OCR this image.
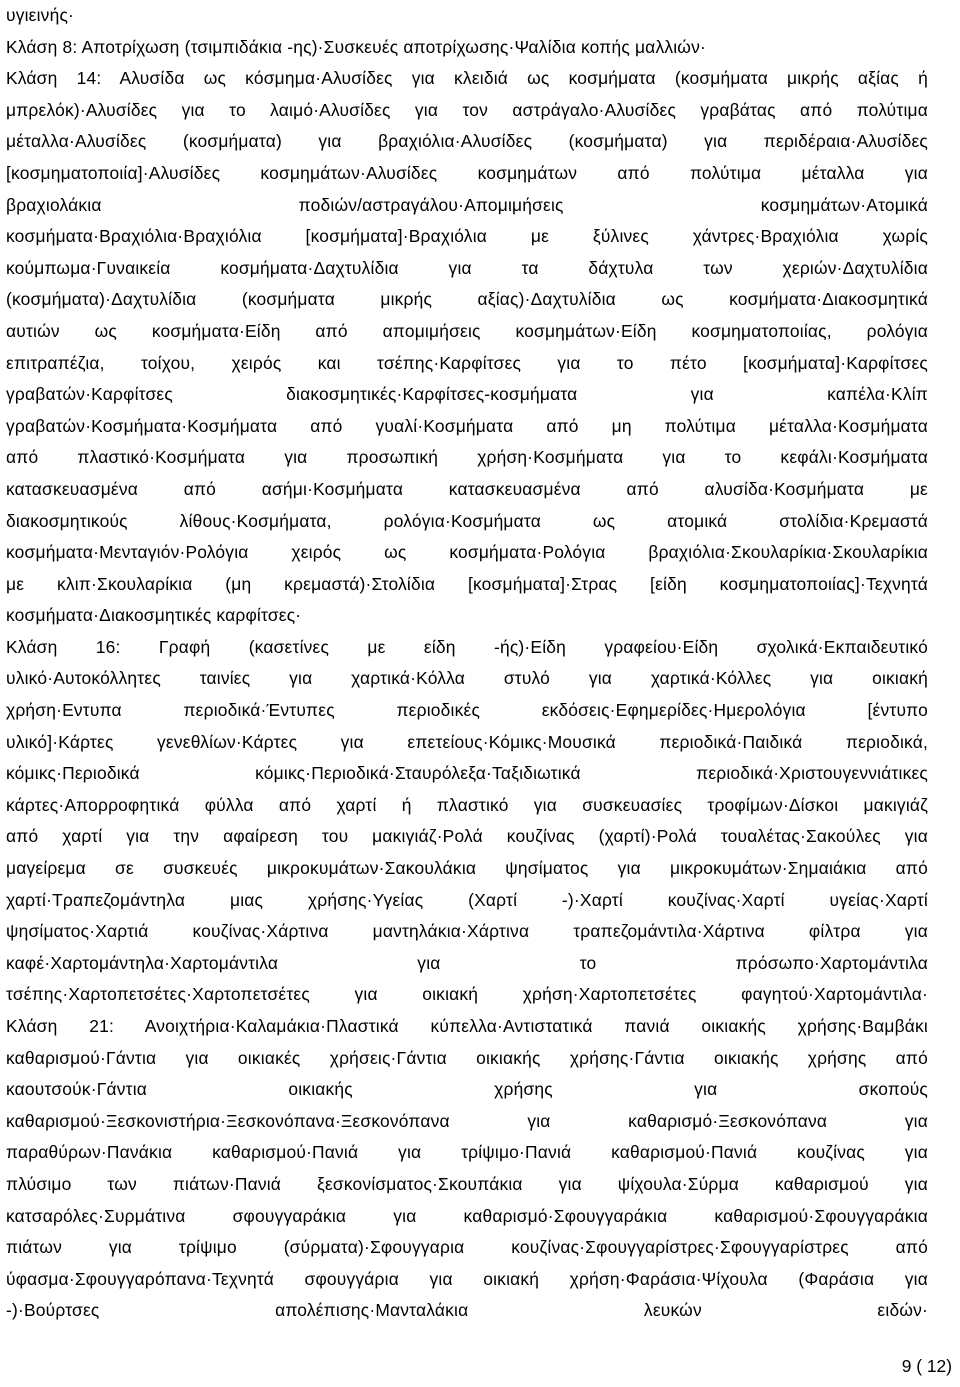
υγιεινής·
Κλάση 8: Αποτρίχωση (τσιμπιδάκια -ης)·Συσκευές αποτρίχωσης·Ψαλίδια κοπής μαλλιών·
Κλάση 14: Αλυσίδα ως κόσμημα·Αλυσίδες για κλειδιά ως κοσμήματα (κοσμήματα μικρής αξίας ή
μπρελόκ)·Αλυσίδες για το λαιμό·Αλυσίδες για τον αστράγαλο·Αλυσίδες γραβάτας από πολύτιμα
μέταλλα·Αλυσίδες (κοσμήματα) για βραχιόλια·Αλυσίδες (κοσμήματα) για περιδέραια·Αλυσίδες
[κοσμηματοποιία]·Αλυσίδες κοσμημάτων·Αλυσίδες κοσμημάτων από πολύτιμα μέταλλα για
βραχιολάκια ποδιών/αστραγάλου·Απομιμήσεις κοσμημάτων·Ατομικά
κοσμήματα·Βραχιόλια·Βραχιόλια [κοσμήματα]·Βραχιόλια με ξύλινες χάντρες·Βραχιόλια χωρίς
κούμπωμα·Γυναικεία κοσμήματα·Δαχτυλίδια για τα δάχτυλα των χεριών·Δαχτυλίδια
(κοσμήματα)·Δαχτυλίδια (κοσμήματα μικρής αξίας)·Δαχτυλίδια ως κοσμήματα·Διακοσμητικά
αυτιών ως κοσμήματα·Είδη από απομιμήσεις κοσμημάτων·Είδη κοσμηματοποιίας, ρολόγια
επιτραπέζια, τοίχου, χειρός και τσέπης·Καρφίτσες για το πέτο [κοσμήματα]·Καρφίτσες
γραβατών·Καρφίτσες διακοσμητικές·Καρφίτσες-κοσμήματα για καπέλα·Κλίπ
γραβατών·Κοσμήματα·Κοσμήματα από γυαλί·Κοσμήματα από μη πολύτιμα μέταλλα·Κοσμήματα
από πλαστικό·Κοσμήματα για προσωπική χρήση·Κοσμήματα για το κεφάλι·Κοσμήματα
κατασκευασμένα από ασήμι·Κοσμήματα κατασκευασμένα από αλυσίδα·Κοσμήματα με
διακοσμητικούς λίθους·Κοσμήματα, ρολόγια·Κοσμήματα ως ατομικά στολίδια·Κρεμαστά
κοσμήματα·Μενταγιόν·Ρολόγια χειρός ως κοσμήματα·Ρολόγια βραχιόλια·Σκουλαρίκια·Σκουλαρίκια
με κλιπ·Σκουλαρίκια (μη κρεμαστά)·Στολίδια [κοσμήματα]·Στρας [είδη κοσμηματοποιίας]·Τεχνητά
κοσμήματα·Διακοσμητικές καρφίτσες·
Κλάση 16: Γραφή (κασετίνες με είδη -ής)·Είδη γραφείου·Είδη σχολικά·Εκπαιδευτικό
υλικό·Αυτοκόλλητες ταινίες για χαρτικά·Κόλλα στυλό για χαρτικά·Κόλλες για οικιακή
χρήση·Εντυπα περιοδικά·Έντυπες περιοδικές εκδόσεις·Εφημερίδες·Ημερολόγια [έντυπο
υλικό]·Κάρτες γενεθλίων·Κάρτες για επετείους·Κόμικς·Μουσικά περιοδικά·Παιδικά περιοδικά,
κόμικς·Περιοδικά κόμικς·Περιοδικά·Σταυρόλεξα·Ταξιδιωτικά περιοδικά·Χριστουγεννιάτικες
κάρτες·Απορροφητικά φύλλα από χαρτί ή πλαστικό για συσκευασίες τροφίμων·Δίσκοι μακιγιάζ
από χαρτί για την αφαίρεση του μακιγιάζ·Ρολά κουζίνας (χαρτί)·Ρολά τουαλέτας·Σακούλες για
μαγείρεμα σε συσκευές μικροκυμάτων·Σακουλάκια ψησίματος για μικροκυμάτων·Σημαιάκια από
χαρτί·Τραπεζομάντηλα μιας χρήσης·Υγείας (Χαρτί -)·Χαρτί κουζίνας·Χαρτί υγείας·Χαρτί
ψησίματος·Χαρτιά κουζίνας·Χάρτινα μαντηλάκια·Χάρτινα τραπεζομάντιλα·Χάρτινα φίλτρα για
καφέ·Χαρτομάντηλα·Χαρτομάντιλα για το πρόσωπο·Χαρτομάντιλα
τσέπης·Χαρτοπετσέτες·Χαρτοπετσέτες για οικιακή χρήση·Χαρτοπετσέτες φαγητού·Χαρτομάντιλα·
Κλάση 21: Ανοιχτήρια·Καλαμάκια·Πλαστικά κύπελλα·Αντιστατικά πανιά οικιακής χρήσης·Βαμβάκι
καθαρισμού·Γάντια για οικιακές χρήσεις·Γάντια οικιακής χρήσης·Γάντια οικιακής χρήσης από
καουτσούκ·Γάντια οικιακής χρήσης για σκοπούς
καθαρισμού·Ξεσκονιστήρια·Ξεσκονόπανα·Ξεσκονόπανα για καθαρισμό·Ξεσκονόπανα για
παραθύρων·Πανάκια καθαρισμού·Πανιά για τρίψιμο·Πανιά καθαρισμού·Πανιά κουζίνας για
πλύσιμο των πιάτων·Πανιά ξεσκονίσματος·Σκουπάκια για ψίχουλα·Σύρμα καθαρισμού για
κατσαρόλες·Συρμάτινα σφουγγαράκια για καθαρισμό·Σφουγγαράκια καθαρισμού·Σφουγγαράκια
πιάτων για τρίψιμο (σύρματα)·Σφουγγαρια κουζίνας·Σφουγγαρίστρες·Σφουγγαρίστρες από
ύφασμα·Σφουγγαρόπανα·Τεχνητά σφουγγάρια για οικιακή χρήση·Φαράσια·Ψίχουλα (Φαράσια για
-)·Βούρτσες απολέπισης·Μανταλάκια λευκών ειδών·
9 ( 12)
